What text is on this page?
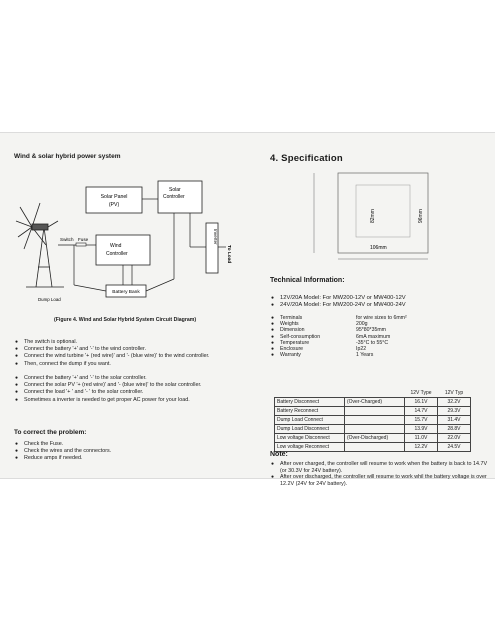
Wind & solar hybrid power system

Solar Panel
(PV)
Solar
Controller
Wind
Controller
Switch Fuse
Battery Bank
Inverter
To Load
Dump Load
(Figure 4. Wind and Solar Hybrid System Circuit Diagram)
● The switch is optional.
● Connect the battery '+' and '-' to the wind controller.
● Connect the wind turbine '+ (red wire)' and '- (blue wire)' to the wind controller.
● Then, connect the dump if you want.
● Connect the battery '+' and '-' to the solar controller.
● Connect the solar PV '+ (red wire)' and '- (blue wire)' to the solar controller.
● Connect the load '+ ' and '- ' to the solar controller.
● Sometimes a inverter is needed to get proper AC power for your load.
To correct the problem:
● Check the Fuse.
● Check the wires and the connectors.
● Reduce amps if needed.

4. Specification

82mm	96mm
106mm
Technical Information:
● 12V/20A Model: For MW200-12V or MW400-12V
● 24V/20A Model: For MW200-24V or MW400-24V
● Terminals	for wire sizes to 6mm²
● Weights	200g
● Dimension	95*80*35mm
● Self-consumption	6mA maximum
● Temperature	-35°C to 55°C
● Enclosure	Ip22
● Warranty	1 Years
		12V Type	12V Typ
Battery Disconnect	(Over-Charged)	16.1V	32.2V
Battery Reconnect		14.7V	29.3V
Dump Load Connect		15.7V	31.4V
Dump Load Disconnect		13.9V	28.8V
Low voltage Disconnect	(Over-Discharged)	11.0V	22.0V
Low voltage Reconnect		12.2V	24.5V
Note:
● After over charged, the controller will resume to work when the battery is back to 14.7V (or 30.3V for 24V battery).
● After over discharged, the controller will resume to work whil the battery voltage is over 12.2V (24V for 24V battery).
